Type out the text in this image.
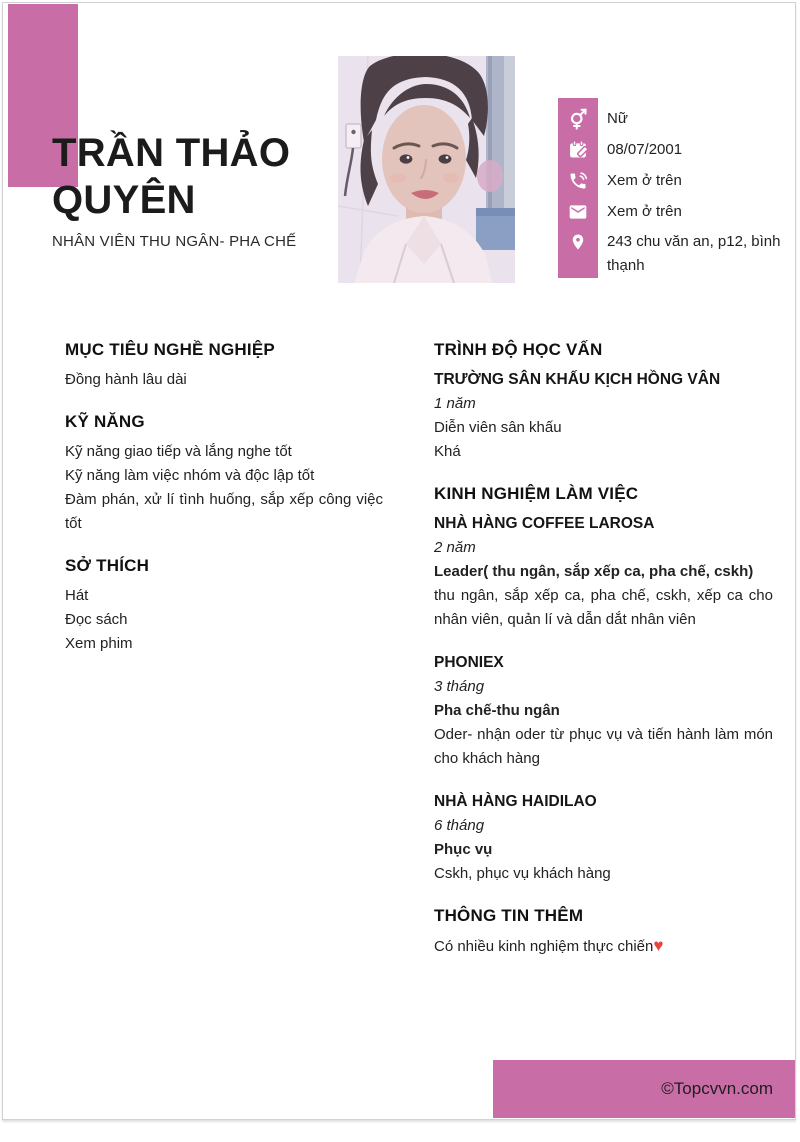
TRẦN THẢO QUYÊN
NHÂN VIÊN THU NGÂN- PHA CHẾ
Nữ
08/07/2001
Xem ở trên
Xem ở trên
243 chu văn an, p12, bình thạnh
MỤC TIÊU NGHỀ NGHIỆP
Đồng hành lâu dài
KỸ NĂNG
Kỹ năng giao tiếp và lắng nghe tốt
Kỹ năng làm việc nhóm và độc lập tốt
Đàm phán, xử lí tình huống, sắp xếp công việc tốt
SỞ THÍCH
Hát
Đọc sách
Xem phim
TRÌNH ĐỘ HỌC VẤN
TRƯỜNG SÂN KHẤU KỊCH HỒNG VÂN
1 năm
Diễn viên sân khấu
Khá
KINH NGHIỆM LÀM VIỆC
NHÀ HÀNG COFFEE LAROSA
2 năm
Leader( thu ngân, sắp xếp ca, pha chế, cskh)
thu ngân, sắp xếp ca, pha chế, cskh, xếp ca cho nhân viên, quản lí và dẫn dắt nhân viên
PHONIEX
3 tháng
Pha chế-thu ngân
Oder- nhận oder từ phục vụ và tiến hành làm món cho khách hàng
NHÀ HÀNG HAIDILAO
6 tháng
Phục vụ
Cskh, phục vụ khách hàng
THÔNG TIN THÊM
Có nhiều kinh nghiệm thực chiến♥
©Topcvvn.com
